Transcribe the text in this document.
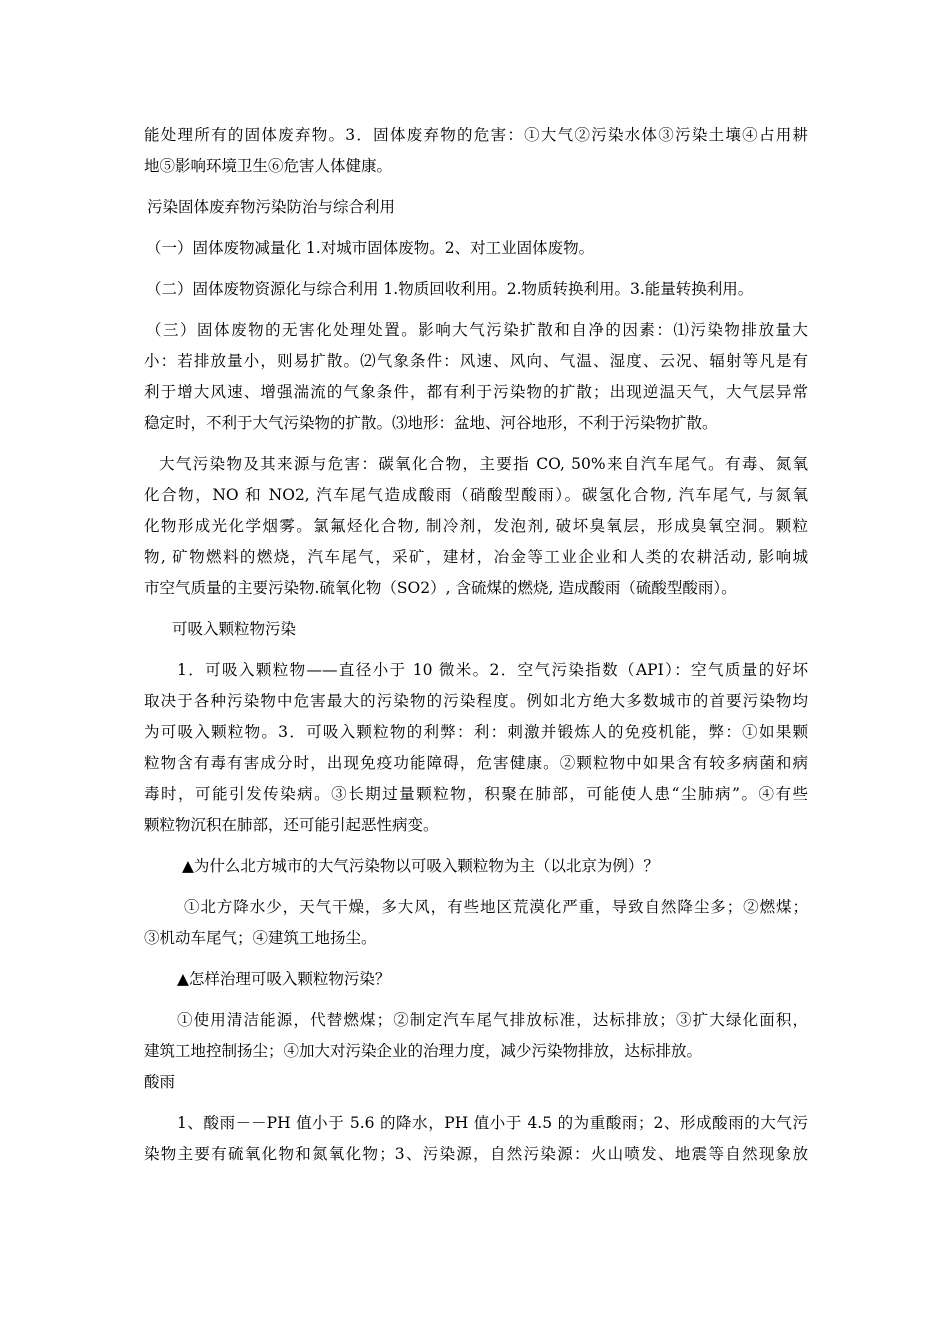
能处理所有的固体废弃物。3．固体废弃物的危害：①大气②污染水体③污染土壤④占用耕
地⑤影响环境卫生⑥危害人体健康。
污染固体废弃物污染防治与综合利用
（一）固体废物减量化 1.对城市固体废物。2、对工业固体废物。
（二）固体废物资源化与综合利用 1.物质回收利用。2.物质转换利用。3.能量转换利用。
（三）固体废物的无害化处理处置。影响大气污染扩散和自净的因素：⑴污染物排放量大
小：若排放量小，则易扩散。⑵气象条件：风速、风向、气温、湿度、云况、辐射等凡是有
利于增大风速、增强湍流的气象条件，都有利于污染物的扩散；出现逆温天气，大气层异常
稳定时，不利于大气污染物的扩散。⑶地形：盆地、河谷地形，不利于污染物扩散。
大气污染物及其来源与危害：碳氧化合物，主要指 CO, 50%来自汽车尾气。有毒、氮氧
化合物，NO 和 NO2, 汽车尾气造成酸雨（硝酸型酸雨）。碳氢化合物, 汽车尾气, 与氮氧
化物形成光化学烟雾。氯氟烃化合物, 制冷剂，发泡剂, 破坏臭氧层，形成臭氧空洞。颗粒
物, 矿物燃料的燃烧，汽车尾气，采矿，建材，冶金等工业企业和人类的农耕活动, 影响城
市空气质量的主要污染物.硫氧化物（SO2）, 含硫煤的燃烧, 造成酸雨（硫酸型酸雨）。
可吸入颗粒物污染
1．可吸入颗粒物——直径小于 10 微米。2．空气污染指数（API）：空气质量的好坏
取决于各种污染物中危害最大的污染物的污染程度。例如北方绝大多数城市的首要污染物均
为可吸入颗粒物。3．可吸入颗粒物的利弊：利：刺激并锻炼人的免疫机能，弊：①如果颗
粒物含有毒有害成分时，出现免疫功能障碍，危害健康。②颗粒物中如果含有较多病菌和病
毒时，可能引发传染病。③长期过量颗粒物，积聚在肺部，可能使人患“尘肺病”。④有些
颗粒物沉积在肺部，还可能引起恶性病变。
▲为什么北方城市的大气污染物以可吸入颗粒物为主（以北京为例）？
①北方降水少，天气干燥，多大风，有些地区荒漠化严重，导致自然降尘多；②燃煤；
③机动车尾气；④建筑工地扬尘。
▲怎样治理可吸入颗粒物污染？
①使用清洁能源，代替燃煤；②制定汽车尾气排放标准，达标排放；③扩大绿化面积，
建筑工地控制扬尘；④加大对污染企业的治理力度，减少污染物排放，达标排放。
酸雨
1、酸雨－－PH 值小于 5.6 的降水，PH 值小于 4.5 的为重酸雨；2、形成酸雨的大气污
染物主要有硫氧化物和氮氧化物；3、污染源，自然污染源：火山喷发、地震等自然现象放
